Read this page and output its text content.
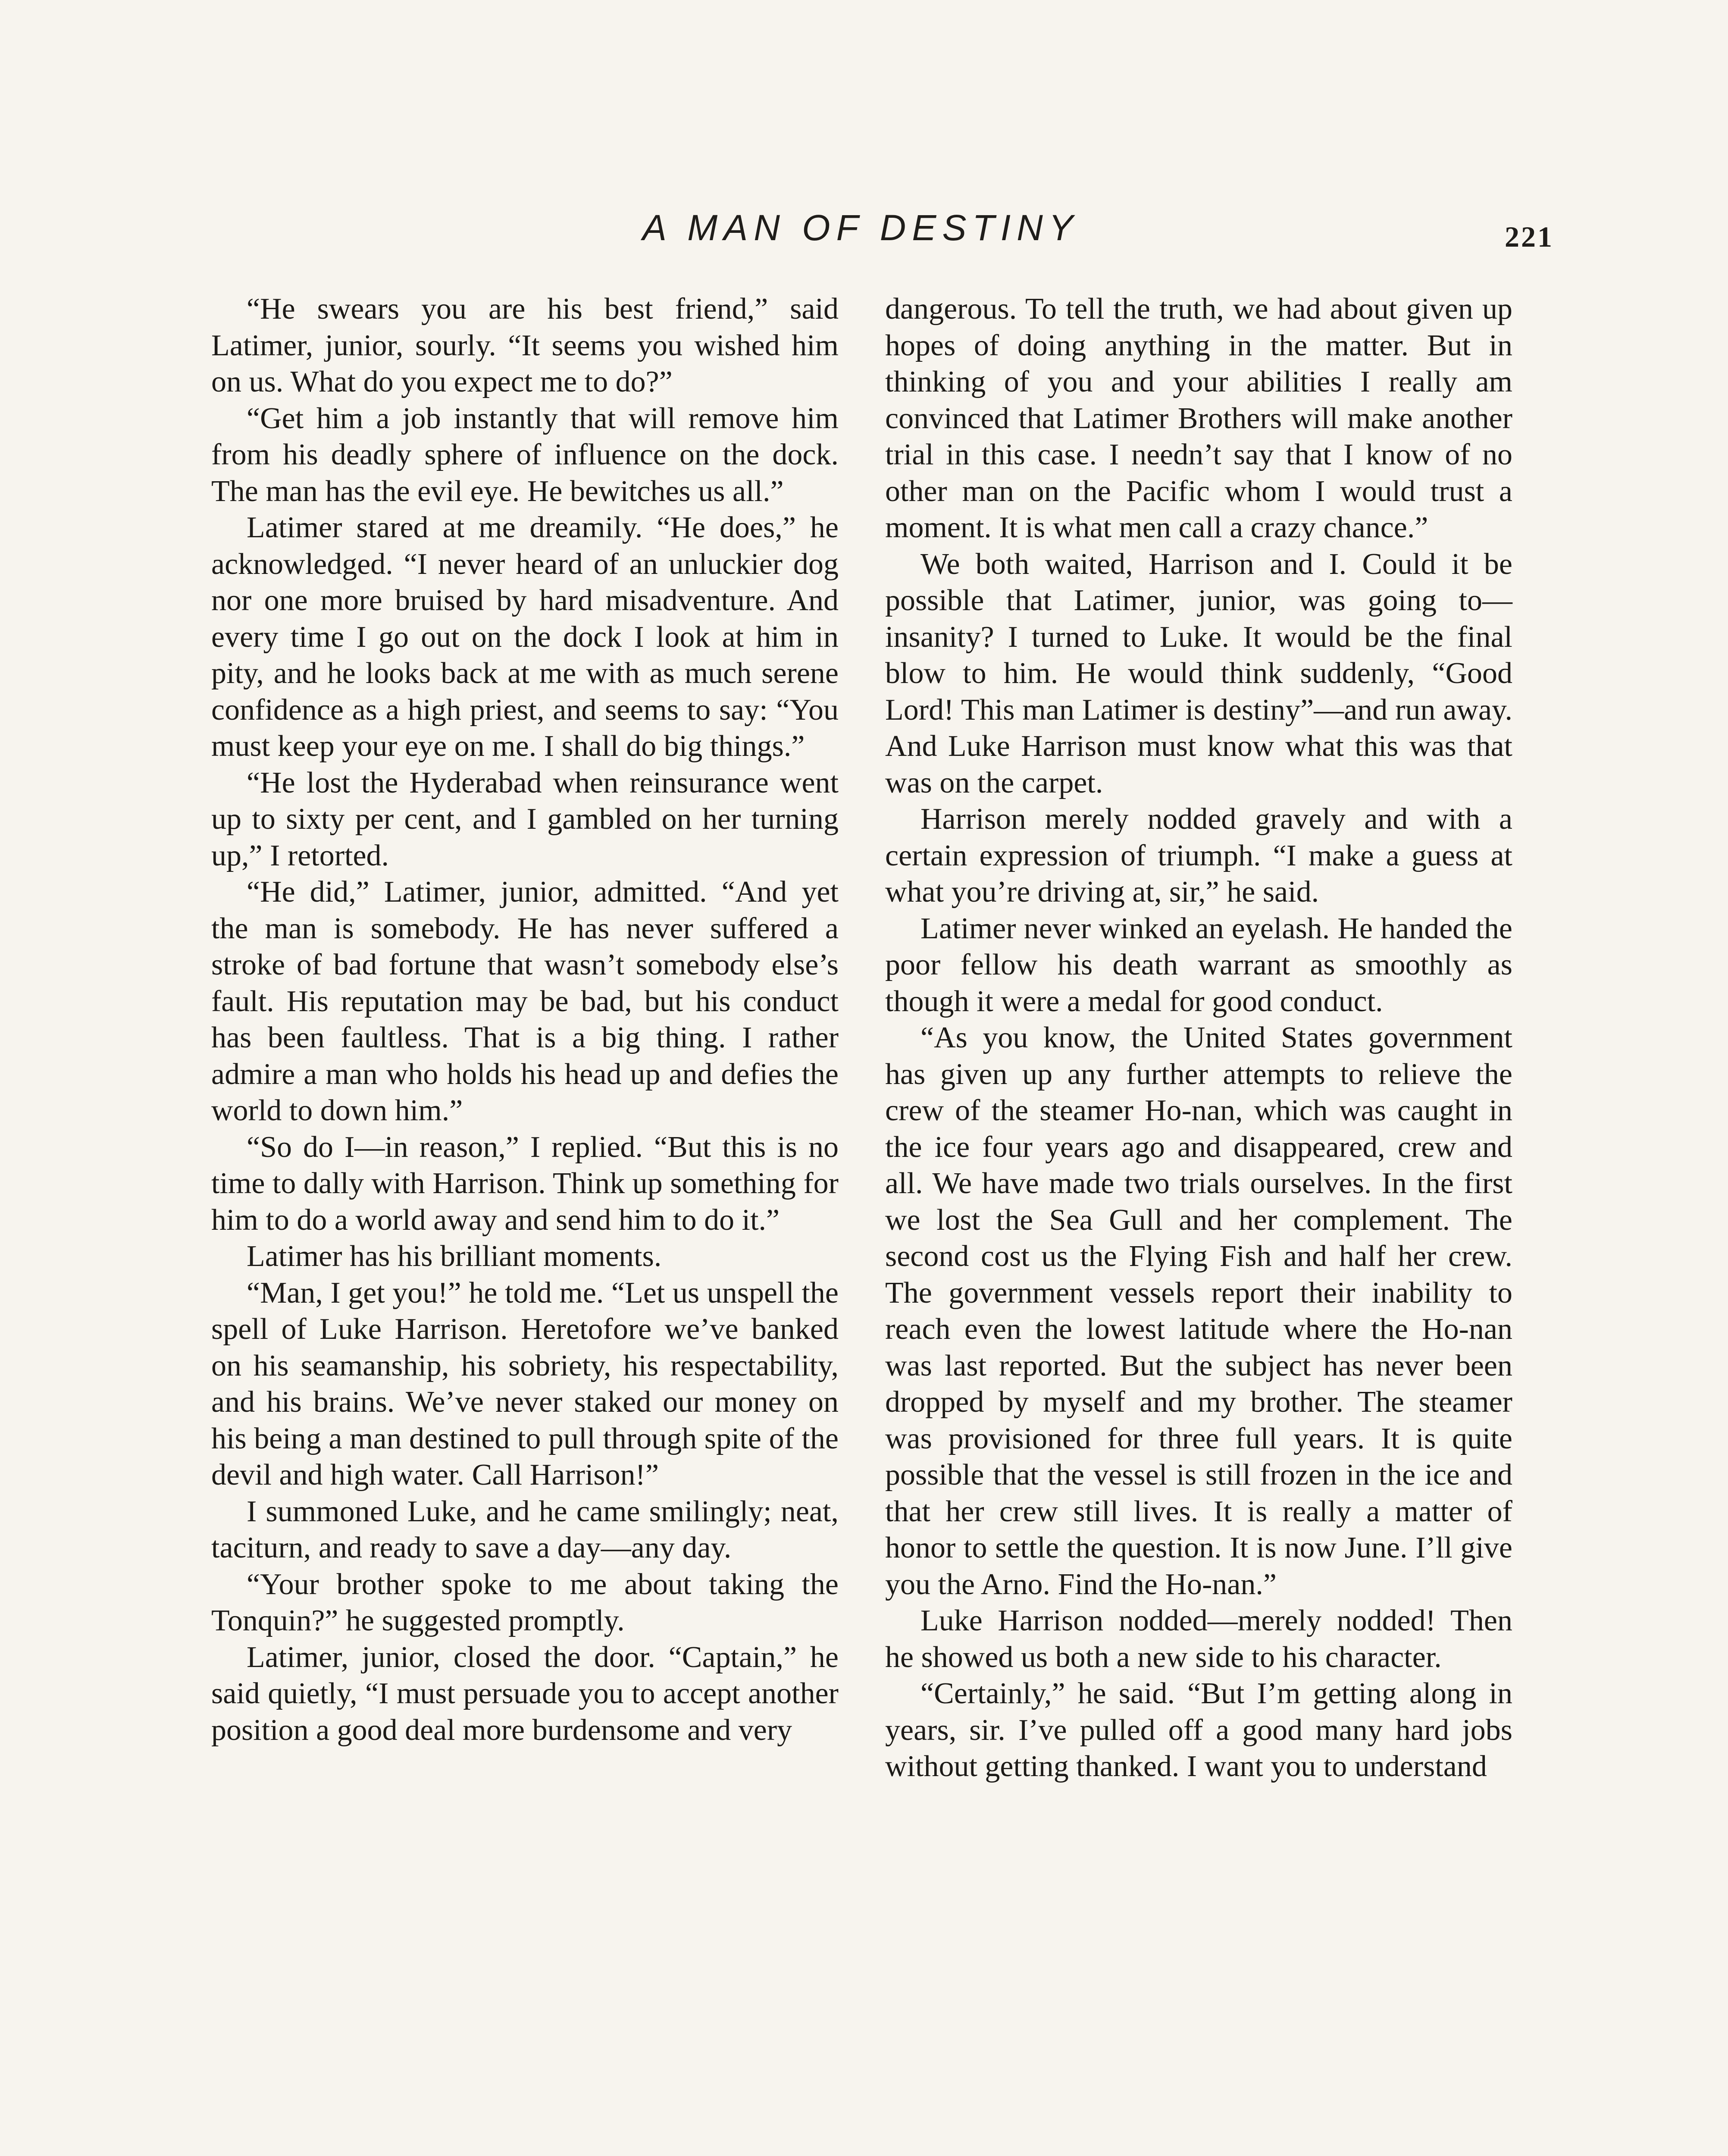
A MAN OF DESTINY	221

“He swears you are his best friend,” said Latimer, junior, sourly. “It seems you wished him on us. What do you expect me to do?”

“Get him a job instantly that will remove him from his deadly sphere of influence on the dock. The man has the evil eye. He bewitches us all.”

Latimer stared at me dreamily. “He does,” he acknowledged. “I never heard of an unluckier dog nor one more bruised by hard misadventure. And every time I go out on the dock I look at him in pity, and he looks back at me with as much serene confidence as a high priest, and seems to say: “You must keep your eye on me. I shall do big things.”

“He lost the Hyderabad when reinsurance went up to sixty per cent, and I gambled on her turning up,” I retorted.

“He did,” Latimer, junior, admitted. “And yet the man is somebody. He has never suffered a stroke of bad fortune that wasn’t somebody else’s fault. His reputation may be bad, but his conduct has been faultless. That is a big thing. I rather admire a man who holds his head up and defies the world to down him.”

“So do I—in reason,” I replied. “But this is no time to dally with Harrison. Think up something for him to do a world away and send him to do it.”

Latimer has his brilliant moments.

“Man, I get you!” he told me. “Let us unspell the spell of Luke Harrison. Heretofore we’ve banked on his seamanship, his sobriety, his respectability, and his brains. We’ve never staked our money on his being a man destined to pull through spite of the devil and high water. Call Harrison!”

I summoned Luke, and he came smilingly; neat, taciturn, and ready to save a day—any day.

“Your brother spoke to me about taking the Tonquin?” he suggested promptly.

Latimer, junior, closed the door. “Captain,” he said quietly, “I must persuade you to accept another position a good deal more burdensome and very

dangerous. To tell the truth, we had about given up hopes of doing anything in the matter. But in thinking of you and your abilities I really am convinced that Latimer Brothers will make another trial in this case. I needn’t say that I know of no other man on the Pacific whom I would trust a moment. It is what men call a crazy chance.”

We both waited, Harrison and I. Could it be possible that Latimer, junior, was going to—insanity? I turned to Luke. It would be the final blow to him. He would think suddenly, “Good Lord! This man Latimer is destiny”—and run away. And Luke Harrison must know what this was that was on the carpet.

Harrison merely nodded gravely and with a certain expression of triumph. “I make a guess at what you’re driving at, sir,” he said.

Latimer never winked an eyelash. He handed the poor fellow his death warrant as smoothly as though it were a medal for good conduct.

“As you know, the United States government has given up any further attempts to relieve the crew of the steamer Ho-nan, which was caught in the ice four years ago and disappeared, crew and all. We have made two trials ourselves. In the first we lost the Sea Gull and her complement. The second cost us the Flying Fish and half her crew. The government vessels report their inability to reach even the lowest latitude where the Ho-nan was last reported. But the subject has never been dropped by myself and my brother. The steamer was provisioned for three full years. It is quite possible that the vessel is still frozen in the ice and that her crew still lives. It is really a matter of honor to settle the question. It is now June. I’ll give you the Arno. Find the Ho-nan.”

Luke Harrison nodded—merely nodded! Then he showed us both a new side to his character.

“Certainly,” he said. “But I’m getting along in years, sir. I’ve pulled off a good many hard jobs without getting thanked. I want you to understand
